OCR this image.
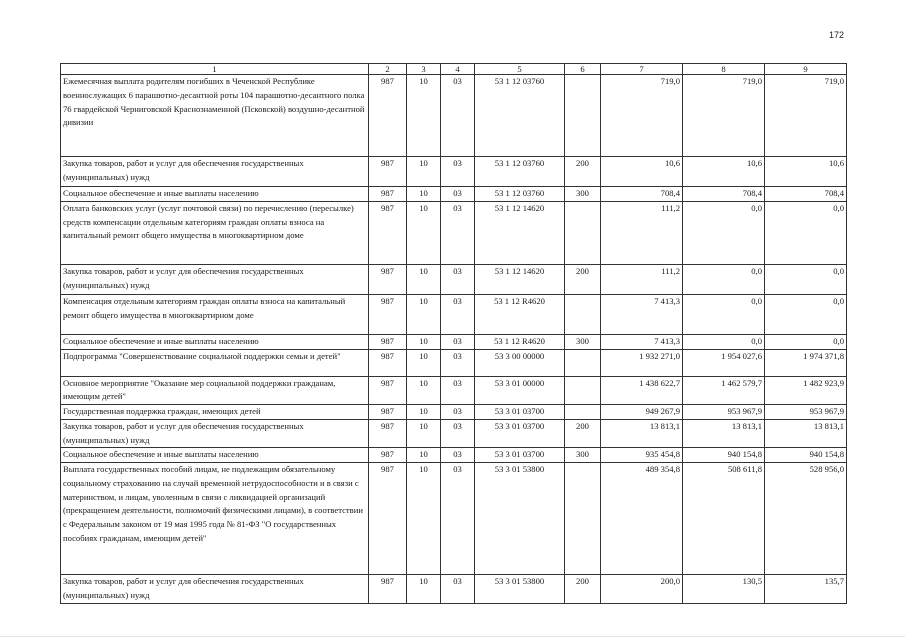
172
1	2	3	4	5	6	7	8	9
Ежемесячная выплата родителям погибших в Чеченской Республике военнослужащих 6 парашютно-десантной роты 104 парашютно-десантного полка 76 гвардейской Черниговской Краснознаменной (Псковской) воздушно-десантной дивизии	987	10	03	53 1 12 03760		719,0	719,0	719,0
Закупка товаров, работ и услуг для обеспечения государственных (муниципальных) нужд	987	10	03	53 1 12 03760	200	10,6	10,6	10,6
Социальное обеспечение и иные выплаты населению	987	10	03	53 1 12 03760	300	708,4	708,4	708,4
Оплата банковских услуг (услуг почтовой связи) по перечислению (пересылке) средств компенсации отдельным категориям граждан оплаты взноса на капитальный ремонт общего имущества в многоквартирном доме	987	10	03	53 1 12 14620		111,2	0,0	0,0
Закупка товаров, работ и услуг для обеспечения государственных (муниципальных) нужд	987	10	03	53 1 12 14620	200	111,2	0,0	0,0
Компенсация отдельным категориям граждан оплаты взноса на капитальный ремонт общего имущества в многоквартирном доме	987	10	03	53 1 12 R4620		7 413,3	0,0	0,0
Социальное обеспечение и иные выплаты населению	987	10	03	53 1 12 R4620	300	7 413,3	0,0	0,0
Подпрограмма "Совершенствование социальной поддержки семьи и детей"	987	10	03	53 3 00 00000		1 932 271,0	1 954 027,6	1 974 371,8
Основное мероприятие "Оказание мер социальной поддержки гражданам, имеющим детей"	987	10	03	53 3 01 00000		1 438 622,7	1 462 579,7	1 482 923,9
Государственная поддержка граждан, имеющих детей	987	10	03	53 3 01 03700		949 267,9	953 967,9	953 967,9
Закупка товаров, работ и услуг для обеспечения государственных (муниципальных) нужд	987	10	03	53 3 01 03700	200	13 813,1	13 813,1	13 813,1
Социальное обеспечение и иные выплаты населению	987	10	03	53 3 01 03700	300	935 454,8	940 154,8	940 154,8
Выплата государственных пособий лицам, не подлежащим обязательному социальному страхованию на случай временной нетрудоспособности и в связи с материнством, и лицам, уволенным в связи с ликвидацией организаций (прекращением деятельности, полномочий физическими лицами), в соответствии с Федеральным законом от 19 мая 1995 года № 81-ФЗ "О государственных пособиях гражданам, имеющим детей"	987	10	03	53 3 01 53800		489 354,8	508 611,8	528 956,0
Закупка товаров, работ и услуг для обеспечения государственных (муниципальных) нужд	987	10	03	53 3 01 53800	200	200,0	130,5	135,7
